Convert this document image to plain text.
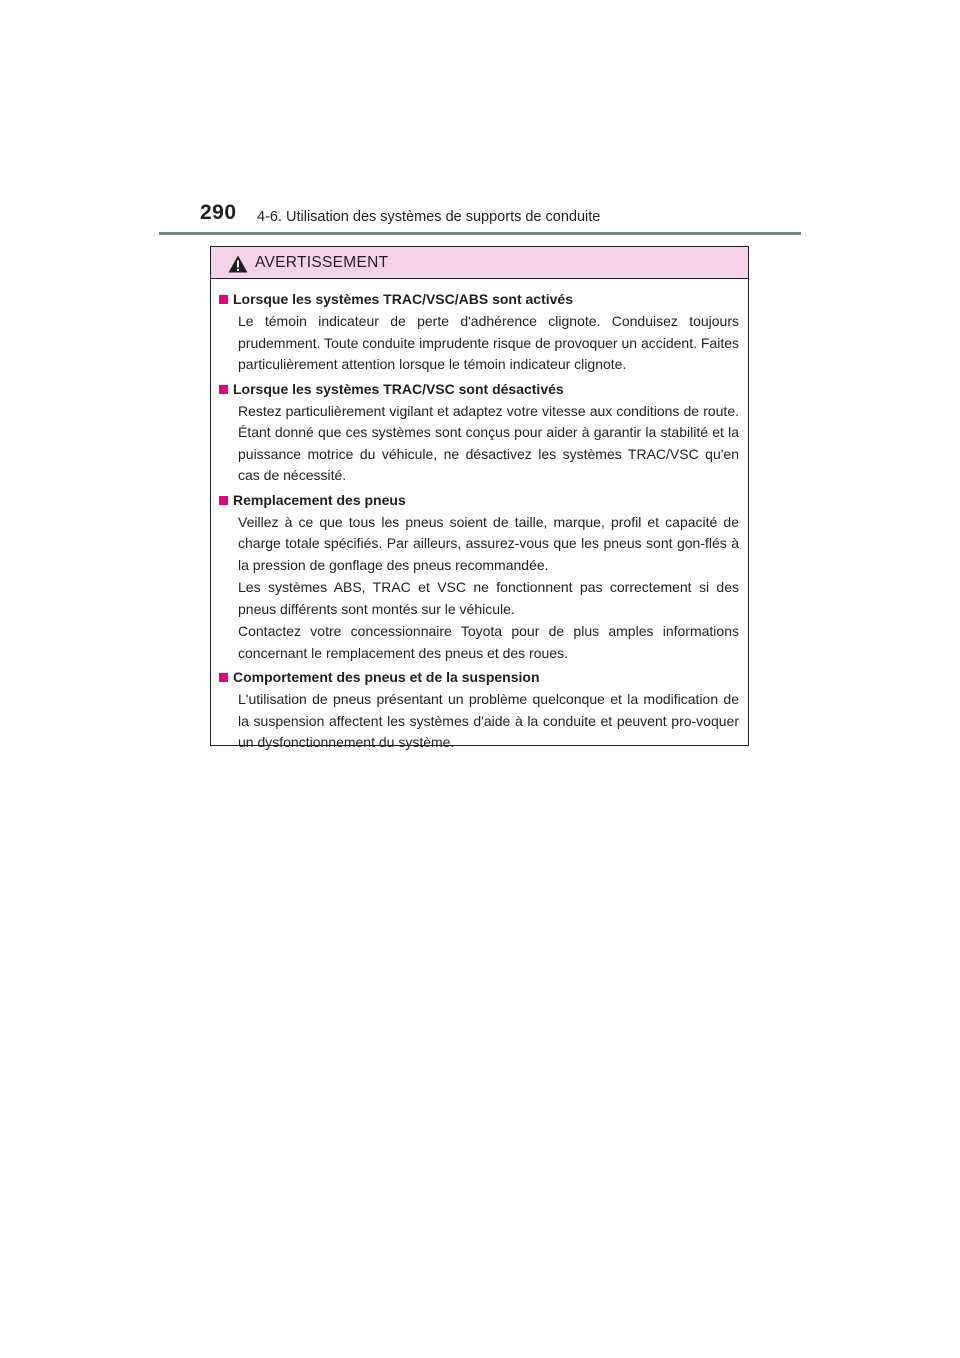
290 4-6. Utilisation des systèmes de supports de conduite
AVERTISSEMENT
Lorsque les systèmes TRAC/VSC/ABS sont activés

Le témoin indicateur de perte d'adhérence clignote. Conduisez toujours prudemment. Toute conduite imprudente risque de provoquer un accident. Faites particulièrement attention lorsque le témoin indicateur clignote.

Lorsque les systèmes TRAC/VSC sont désactivés

Restez particulièrement vigilant et adaptez votre vitesse aux conditions de route. Étant donné que ces systèmes sont conçus pour aider à garantir la stabilité et la puissance motrice du véhicule, ne désactivez les systèmes TRAC/VSC qu'en cas de nécessité.

Remplacement des pneus

Veillez à ce que tous les pneus soient de taille, marque, profil et capacité de charge totale spécifiés. Par ailleurs, assurez-vous que les pneus sont gon-flés à la pression de gonflage des pneus recommandée.

Les systèmes ABS, TRAC et VSC ne fonctionnent pas correctement si des pneus différents sont montés sur le véhicule.

Contactez votre concessionnaire Toyota pour de plus amples informations concernant le remplacement des pneus et des roues.

Comportement des pneus et de la suspension

L'utilisation de pneus présentant un problème quelconque et la modification de la suspension affectent les systèmes d'aide à la conduite et peuvent pro-voquer un dysfonctionnement du système.
